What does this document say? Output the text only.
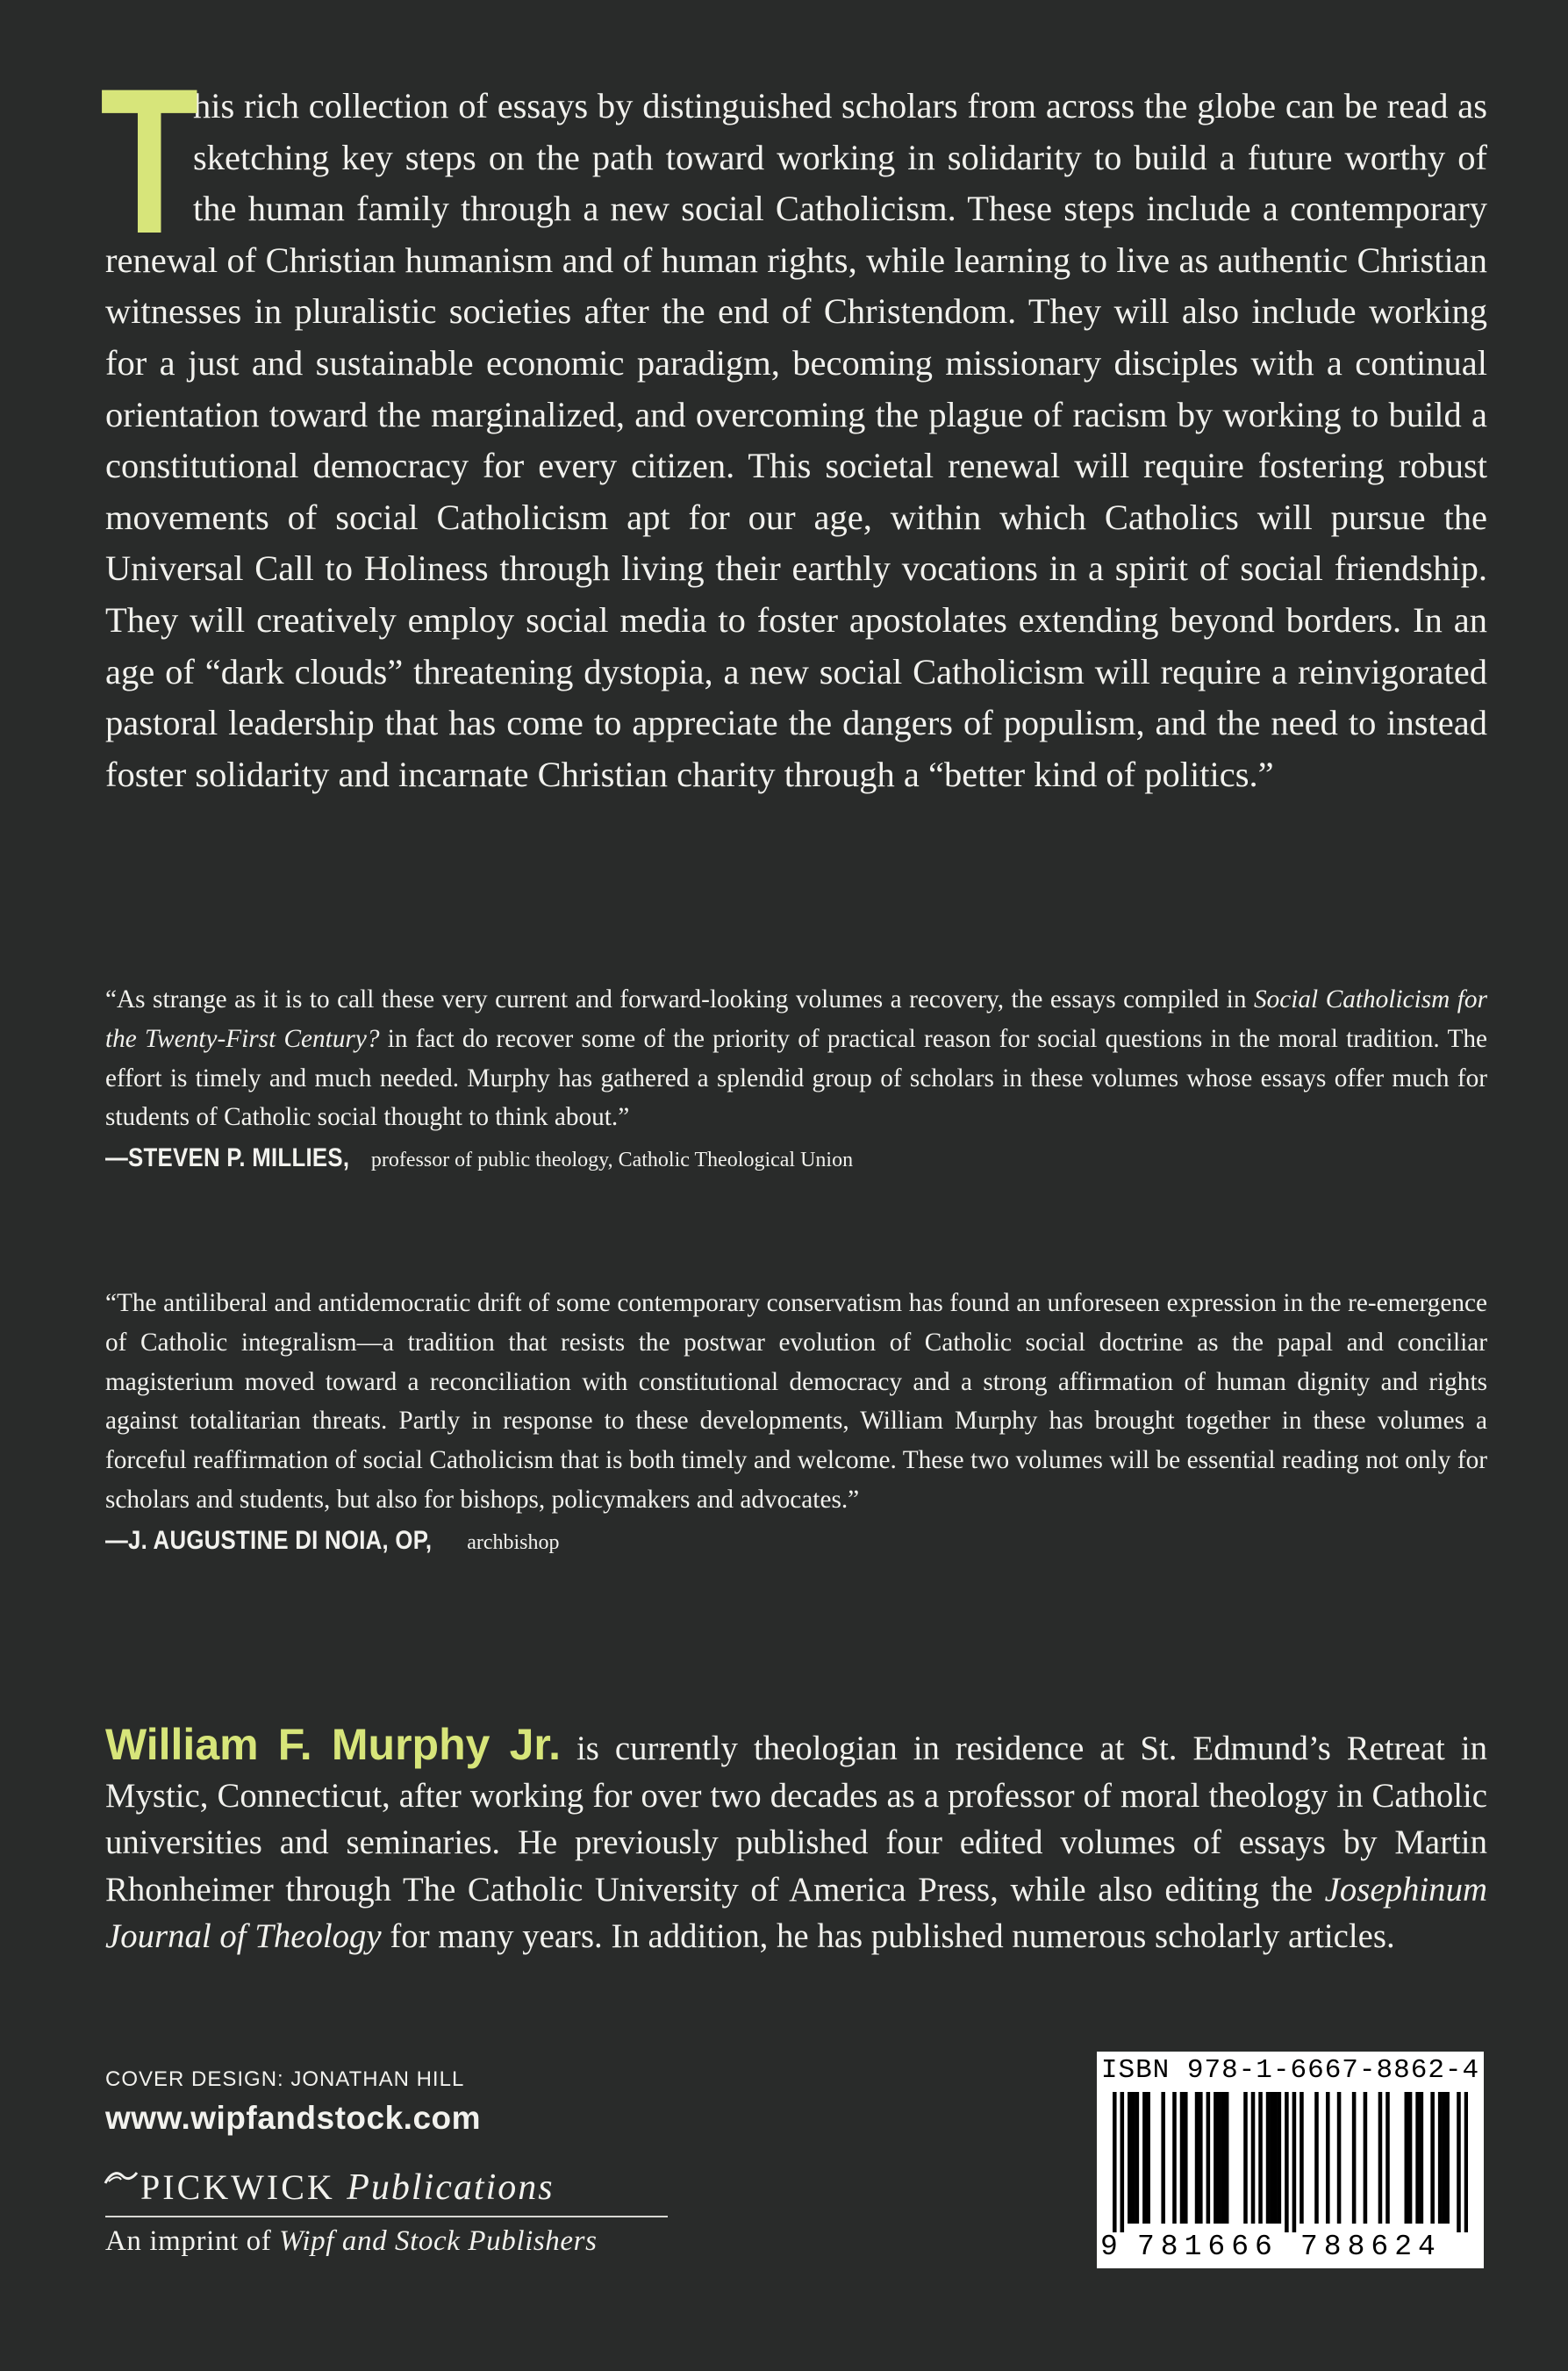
T
his rich collection of essays by distinguished scholars from across the globe can be read as sketching key steps on the path toward working in solidarity to build a future worthy of the human family through a new social Catholicism. These steps include a contemporary renewal of Christian humanism and of human rights, while learning to live as authentic Christian witnesses in pluralistic societies after the end of Christendom. They will also include working for a just and sustainable economic paradigm, becoming missionary disciples with a continual orientation toward the marginalized, and overcoming the plague of racism by working to build a constitutional democracy for every citizen. This societal renewal will require fostering robust movements of social Catholicism apt for our age, within which Catholics will pursue the Universal Call to Holiness through living their earthly vocations in a spirit of social friendship. They will creatively employ social media to foster apostolates extending beyond borders. In an age of “dark clouds” threatening dystopia, a new social Catholicism will require a reinvigorated pastoral leadership that has come to appreciate the dangers of populism, and the need to instead foster solidarity and incarnate Christian charity through a “better kind of politics.”
“As strange as it is to call these very current and forward-looking volumes a recovery, the essays compiled in Social Catholicism for the Twenty-First Century? in fact do recover some of the priority of practical reason for social questions in the moral tradition. The effort is timely and much needed. Murphy has gathered a splendid group of scholars in these volumes whose essays offer much for students of Catholic social thought to think about.”
—STEVEN P. MILLIES, professor of public theology, Catholic Theological Union
“The antiliberal and antidemocratic drift of some contemporary conservatism has found an unforeseen expression in the re-emergence of Catholic integralism—a tradition that resists the postwar evolution of Catholic social doctrine as the papal and conciliar magisterium moved toward a reconciliation with constitutional democracy and a strong affirmation of human dignity and rights against totalitarian threats. Partly in response to these developments, William Murphy has brought together in these volumes a forceful reaffirmation of social Catholicism that is both timely and welcome. These two volumes will be essential reading not only for scholars and students, but also for bishops, policymakers and advocates.”
—J. AUGUSTINE DI NOIA, OP, archbishop
William F. Murphy Jr. is currently theologian in residence at St. Edmund’s Retreat in Mystic, Connecticut, after working for over two decades as a professor of moral theology in Catholic universities and seminaries. He previously published four edited volumes of essays by Martin Rhonheimer through The Catholic University of America Press, while also editing the Josephinum Journal of Theology for many years. In addition, he has published numerous scholarly articles.
COVER DESIGN: JONATHAN HILL
www.wipfandstock.com
PICKWICK Publications
An imprint of Wipf and Stock Publishers
ISBN 978-1-6667-8862-4
9 781666 788624
